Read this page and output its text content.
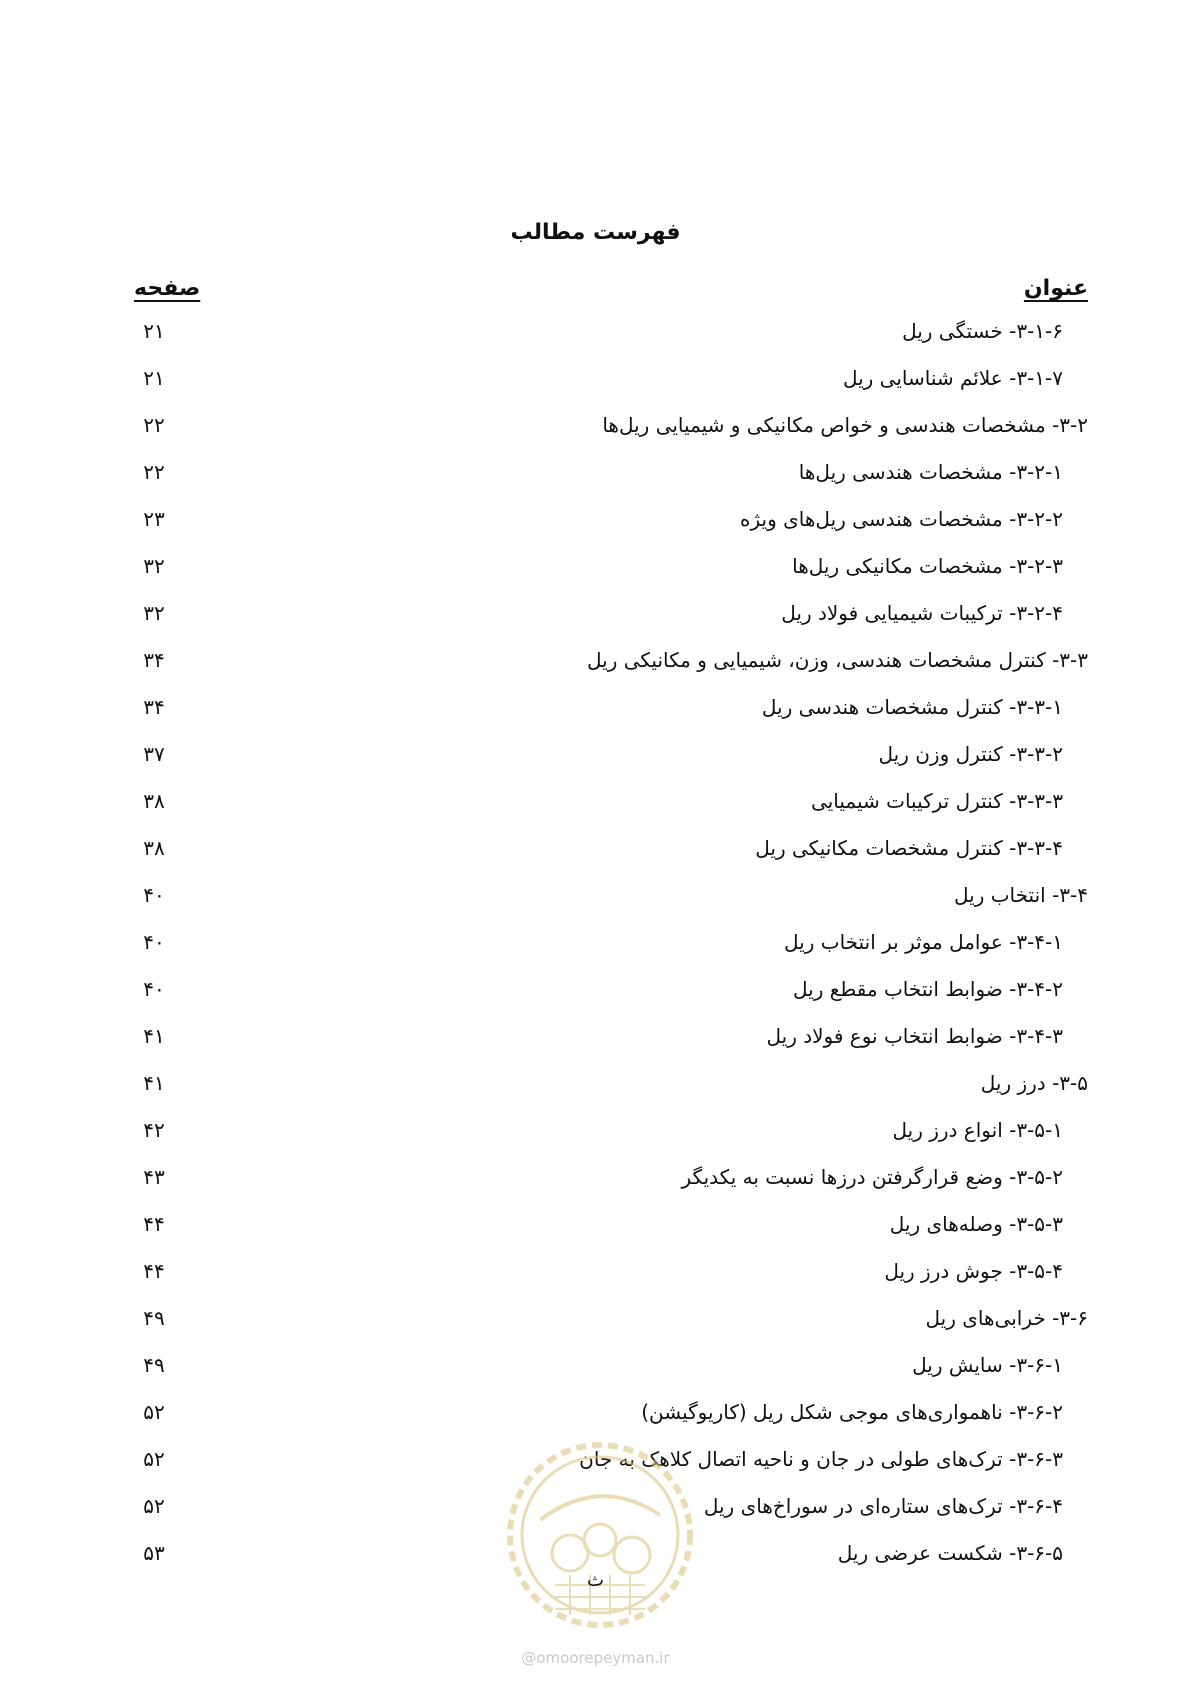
فهرست مطالب
عنوان
صفحه
۳-۱-۶- خستگی ریل
۲۱
۳-۱-۷- علائم شناسایی ریل
۲۱
۳-۲- مشخصات هندسی و خواص مکانیکی و شیمیایی ریل‌ها
۲۲
۳-۲-۱- مشخصات هندسی ریل‌ها
۲۲
۳-۲-۲- مشخصات هندسی ریل‌های ویژه
۲۳
۳-۲-۳- مشخصات مکانیکی ریل‌ها
۳۲
۳-۲-۴- ترکیبات شیمیایی فولاد ریل
۳۲
۳-۳- کنترل مشخصات هندسی، وزن، شیمیایی و مکانیکی ریل
۳۴
۳-۳-۱- کنترل مشخصات هندسی ریل
۳۴
۳-۳-۲- کنترل وزن ریل
۳۷
۳-۳-۳- کنترل ترکیبات شیمیایی
۳۸
۳-۳-۴- کنترل مشخصات مکانیکی ریل
۳۸
۳-۴- انتخاب ریل
۴۰
۳-۴-۱- عوامل موثر بر انتخاب ریل
۴۰
۳-۴-۲- ضوابط انتخاب مقطع ریل
۴۰
۳-۴-۳- ضوابط انتخاب نوع فولاد ریل
۴۱
۳-۵- درز ریل
۴۱
۳-۵-۱- انواع درز ریل
۴۲
۳-۵-۲- وضع قرارگرفتن درزها نسبت به یکدیگر
۴۳
۳-۵-۳- وصله‌های ریل
۴۴
۳-۵-۴- جوش درز ریل
۴۴
۳-۶- خرابی‌های ریل
۴۹
۳-۶-۱- سایش ریل
۴۹
۳-۶-۲- ناهمواری‌های موجی شکل ریل (کاریوگیشن)
۵۲
۳-۶-۳- ترک‌های طولی در جان و ناحیه اتصال کلاهک به جان
۵۲
۳-۶-۴- ترک‌های ستاره‌ای در سوراخ‌های ریل
۵۲
۳-۶-۵- شکست عرضی ریل
۵۳
ث
@omoorepeyman.ir
